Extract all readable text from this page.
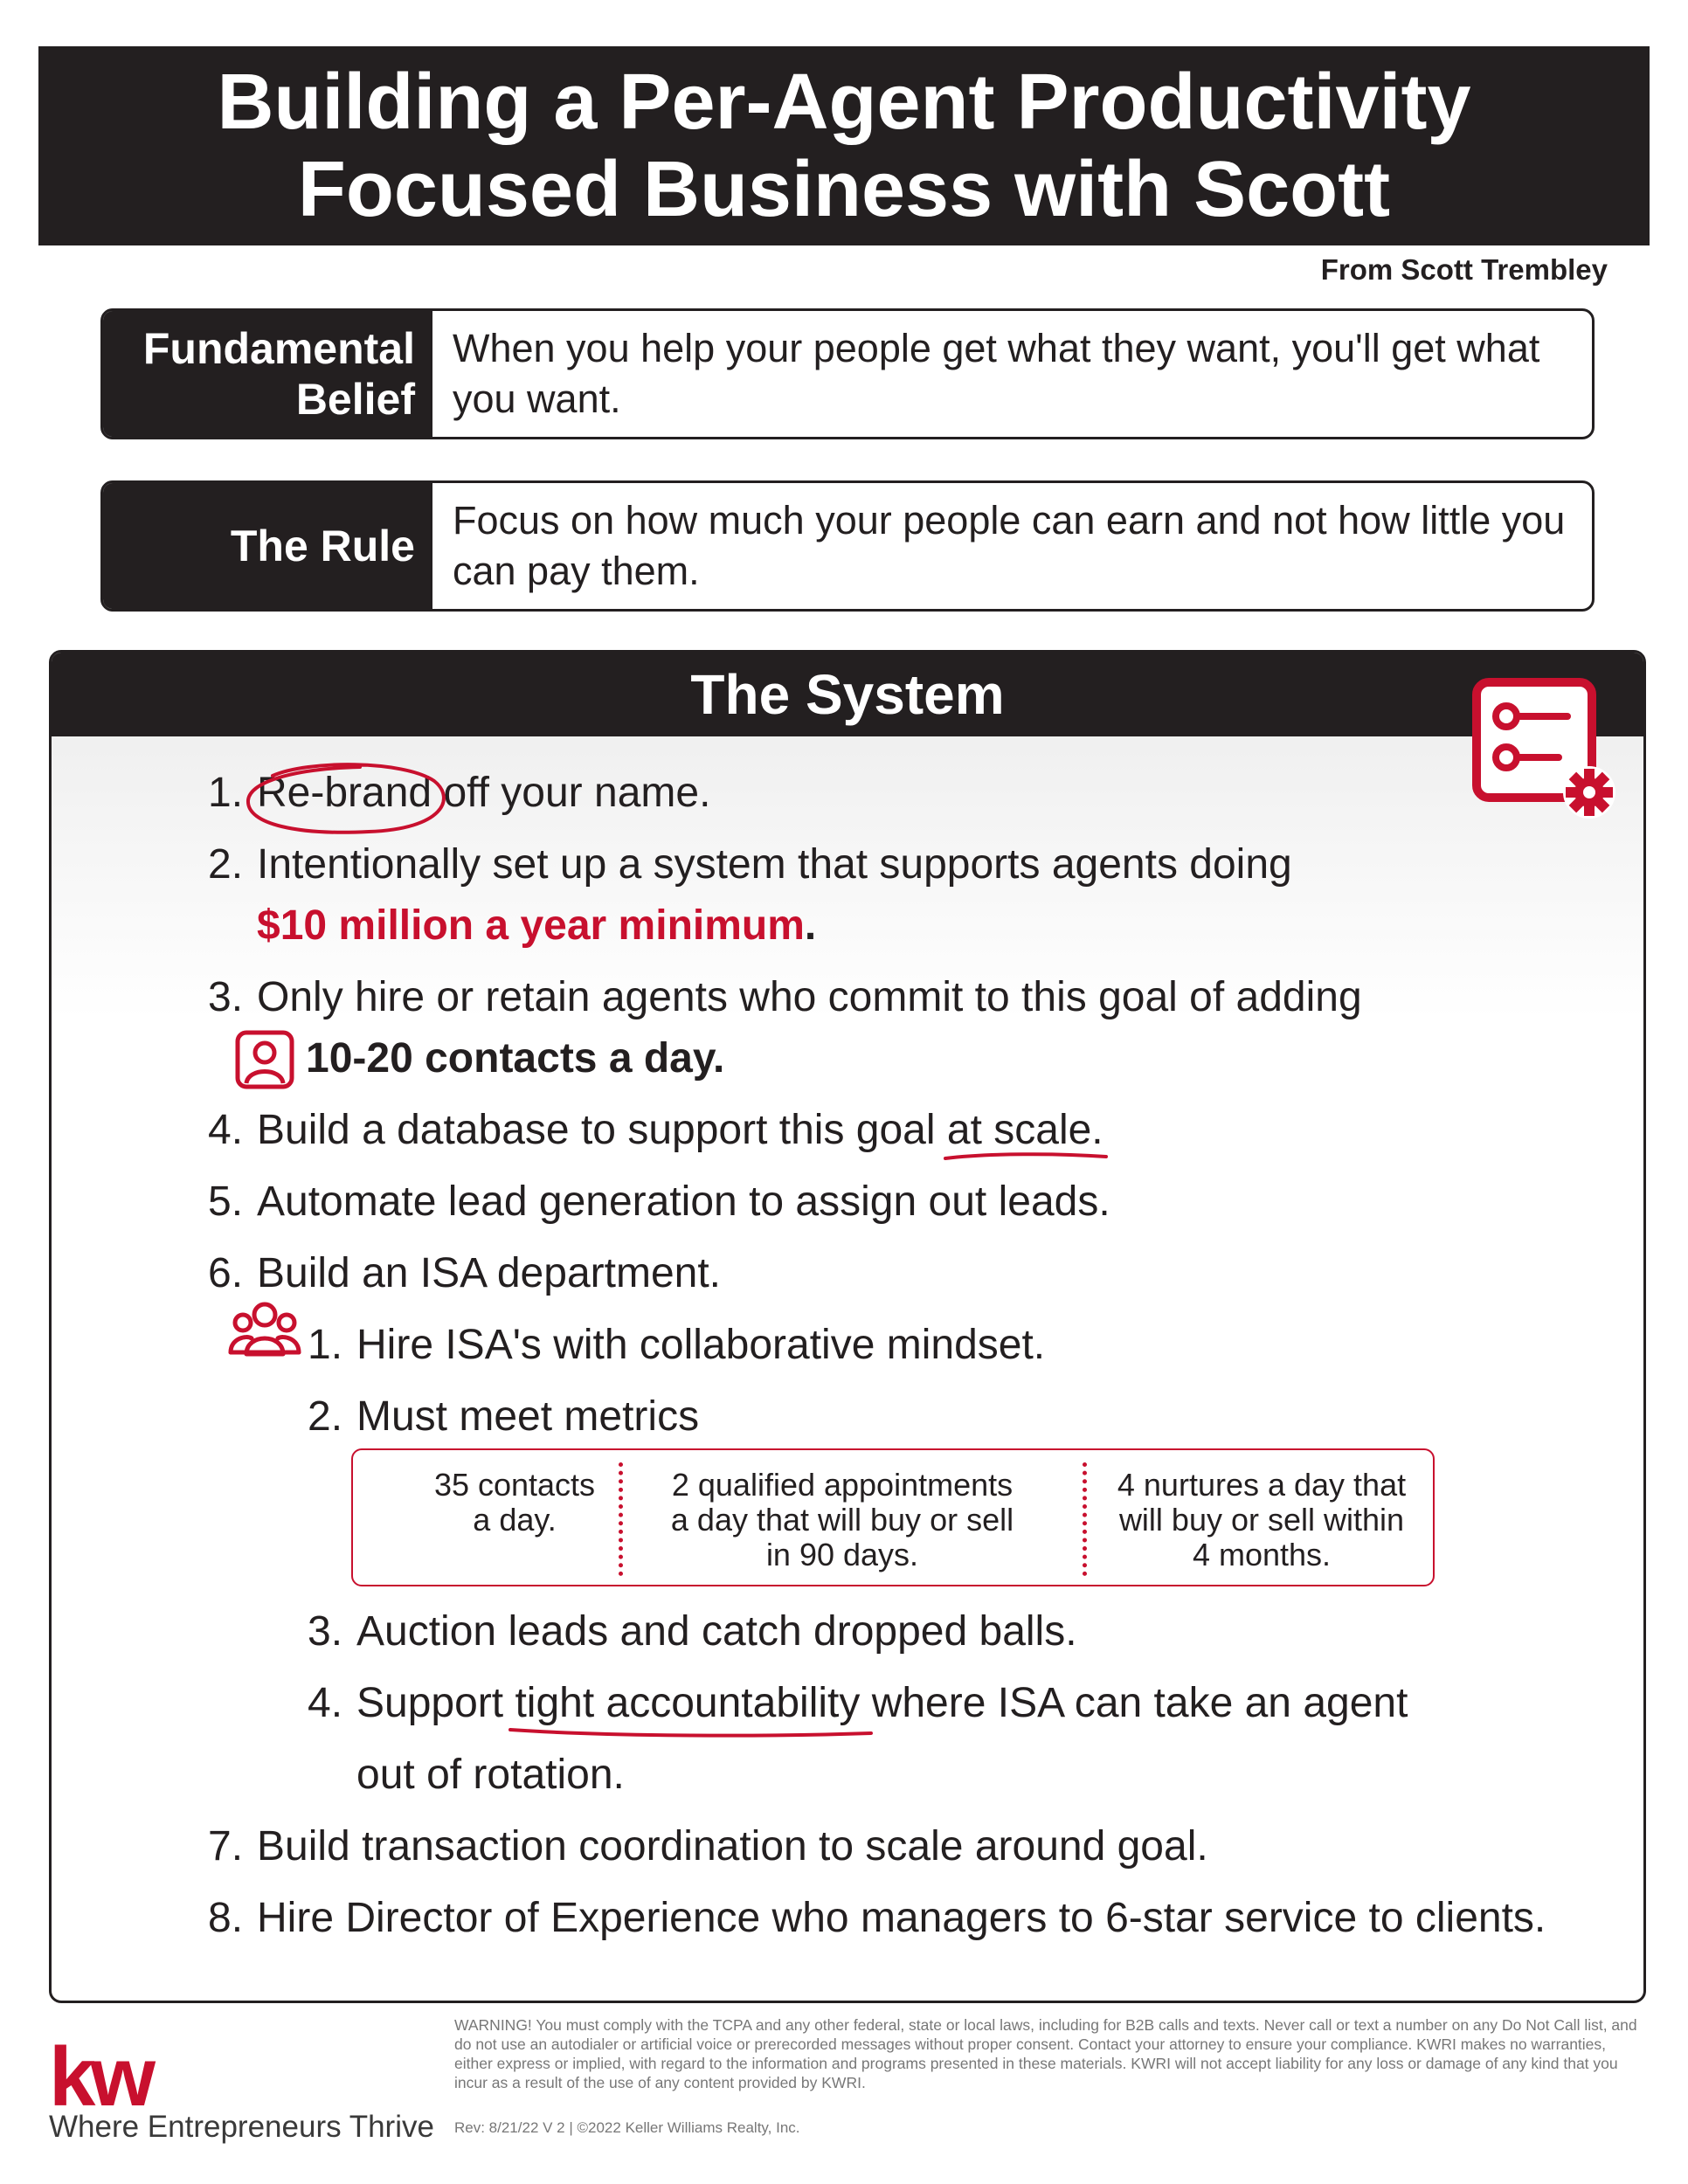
Building a Per-Agent Productivity
Focused Business with Scott
From Scott Trembley
Fundamental
Belief
When you help your people get what they want, you'll get what you want.
The Rule
Focus on how much your people can earn and not how little you can pay them.
The System
1. Re-brand off your name.
2. Intentionally set up a system that supports agents doing
$10 million a year minimum.
3. Only hire or retain agents who commit to this goal of adding
10-20 contacts a day.
4. Build a database to support this goal at scale.
5. Automate lead generation to assign out leads.
6. Build an ISA department.
1. Hire ISA's with collaborative mindset.
2. Must meet metrics
35 contacts
a day.
2 qualified appointments
a day that will buy or sell
in 90 days.
4 nurtures a day that
will buy or sell within
4 months.
3. Auction leads and catch dropped balls.
4. Support tight accountability
where ISA can take an agent
out of rotation.
7. Build transaction coordination to scale around goal.
8. Hire Director of Experience who managers to 6-star service to clients.
kw
Where Entrepreneurs Thrive
WARNING! You must comply with the TCPA and any other federal, state or local laws, including for B2B calls and texts. Never call or text a number on any Do Not Call list, and do not use an autodialer or artificial voice or prerecorded messages without proper consent. Contact your attorney to ensure your compliance. KWRI makes no warranties, either express or implied, with regard to the information and programs presented in these materials. KWRI will not accept liability for any loss or damage of any kind that you incur as a result of the use of any content provided by KWRI.
Rev: 8/21/22 V 2 | ©2022 Keller Williams Realty, Inc.
